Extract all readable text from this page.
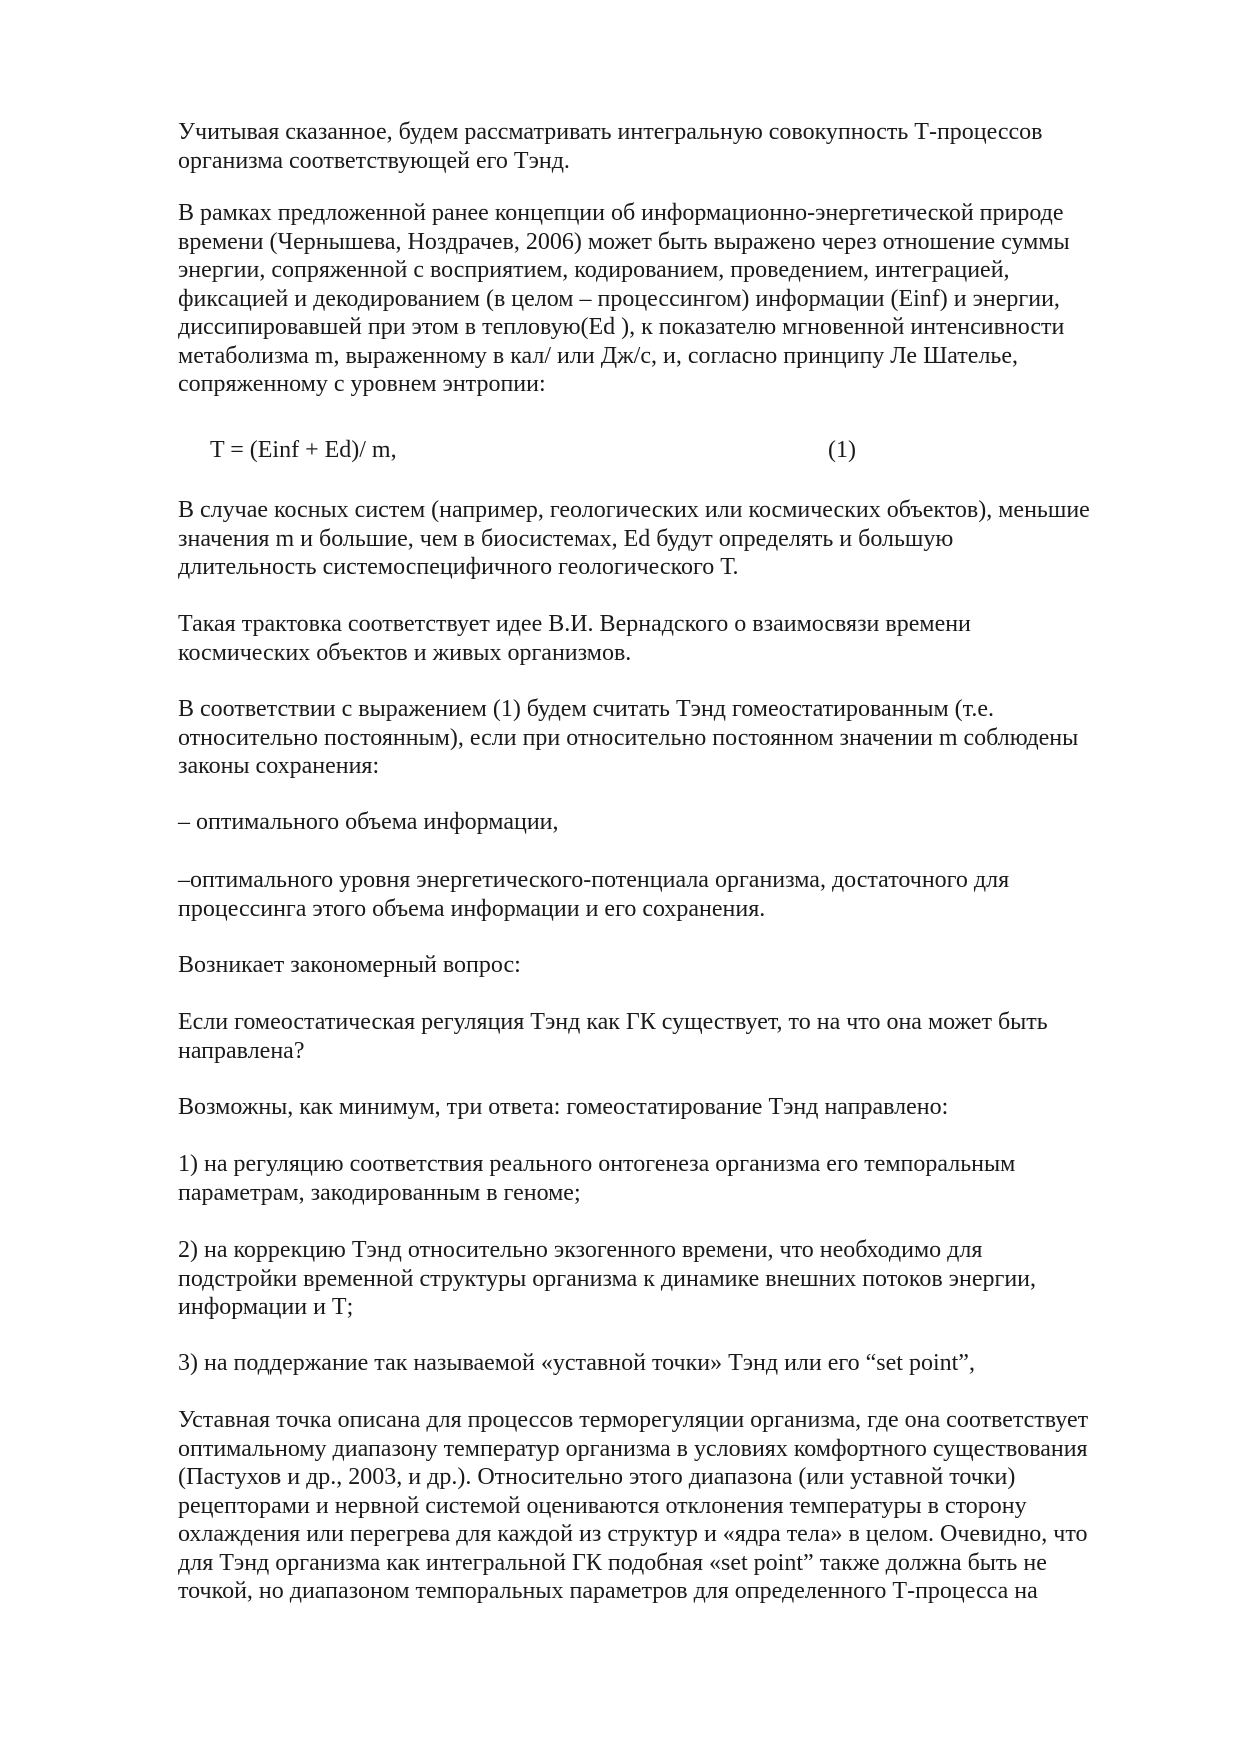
Учитывая сказанное, будем рассматривать интегральную совокупность Т-процессов
организма соответствующей его Тэнд.

В рамках предложенной ранее концепции об информационно-энергетической природе
времени (Чернышева, Ноздрачев, 2006) может быть выражено через отношение суммы
энергии, сопряженной с восприятием, кодированием, проведением, интеграцией,
фиксацией и декодированием (в целом – процессингом) информации (Einf) и энергии,
диссипировавшей при этом в тепловую(Ed ), к показателю мгновенной интенсивности
метаболизма m, выраженному в кал/ или Дж/с, и, согласно принципу Ле Шателье,
сопряженному с уровнем энтропии:

T = (Einf + Ed)/ m,	(1)

В случае косных систем (например, геологических или космических объектов), меньшие
значения m и большие, чем в биосистемах, Ed будут определять и большую
длительность системоспецифичного геологического Т.

Такая трактовка соответствует идее В.И. Вернадского о взаимосвязи времени
космических объектов и живых организмов.

В соответствии с выражением (1) будем считать Тэнд гомеостатированным (т.е.
относительно постоянным), если при относительно постоянном значении m соблюдены
законы сохранения:

– оптимального объема информации,

–оптимального уровня энергетического-потенциала организма, достаточного для
процессинга этого объема информации и его сохранения.

Возникает закономерный вопрос:

Если гомеостатическая регуляция Тэнд как ГК существует, то на что она может быть
направлена?

Возможны, как минимум, три ответа: гомеостатирование Тэнд направлено:

1) на регуляцию соответствия реального онтогенеза организма его темпоральным
параметрам, закодированным в геноме;

2) на коррекцию Тэнд относительно экзогенного времени, что необходимо для
подстройки временной структуры организма к динамике внешних потоков энергии,
информации и Т;

3) на поддержание так называемой «уставной точки» Тэнд или его “set point”,

Уставная точка описана для процессов терморегуляции организма, где она соответствует
оптимальному диапазону температур организма в условиях комфортного существования
(Пастухов и др., 2003, и др.). Относительно этого диапазона (или уставной точки)
рецепторами и нервной системой оцениваются отклонения температуры в сторону
охлаждения или перегрева для каждой из структур и «ядра тела» в целом. Очевидно, что
для Тэнд организма как интегральной ГК подобная «set point” также должна быть не
точкой, но диапазоном темпоральных параметров для определенного Т-процесса на
